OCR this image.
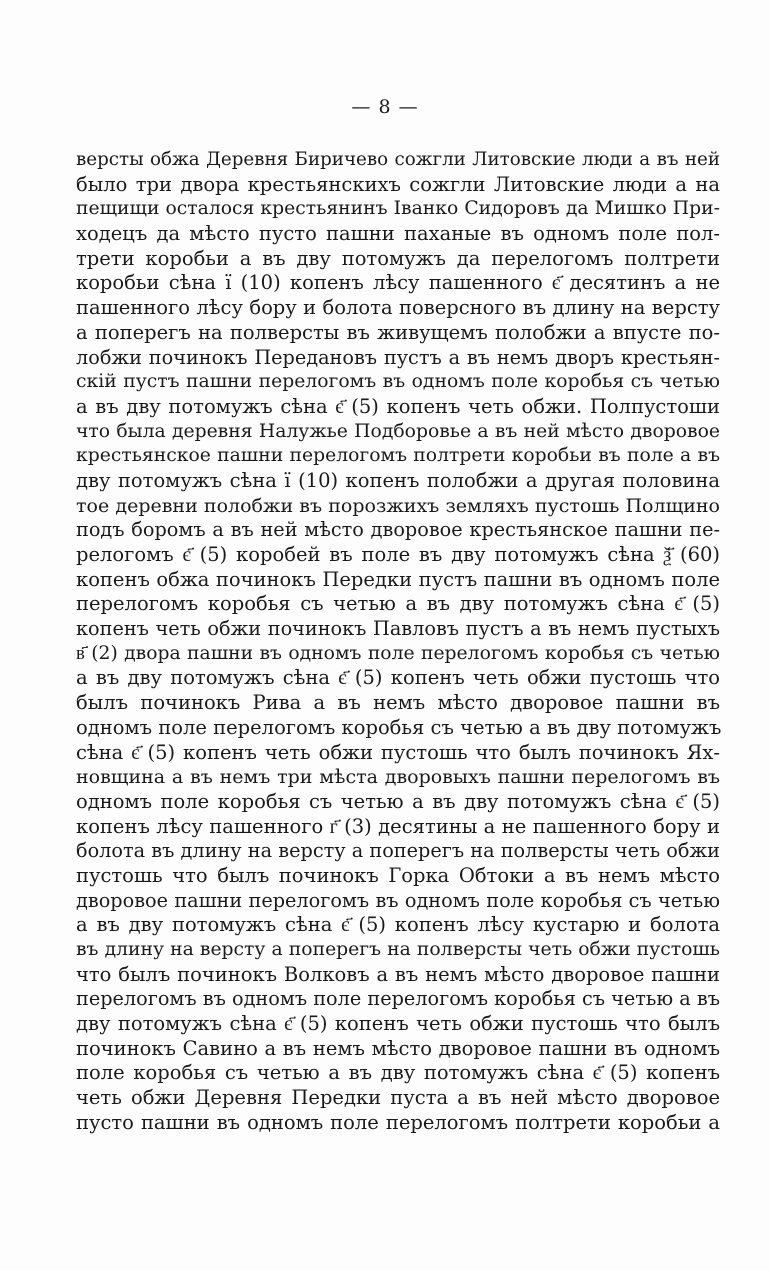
— 8 —
версты обжа Деревня Биричево сожгли Литовские люди а въ ней
было три двора крестьянскихъ сожгли Литовские люди а на
пещищи осталося крестьянинъ Іванко Сидоровъ да Мишко При-
ходецъ да мѣсто пусто пашни паханые въ одномъ поле пол-
трети коробьи а въ дву потомужъ да перелогомъ полтрети
коробьи сѣна ї (10) копенъ лѣсу пашенного є҃ десятинъ а не
пашенного лѣсу бору и болота поверсного въ длину на версту
а поперегъ на полверсты въ живущемъ полобжи а впусте по-
лобжи починокъ Передановъ пустъ а въ немъ дворъ крестьян-
скій пустъ пашни перелогомъ въ одномъ поле коробья съ четью
а въ дву потомужъ сѣна є҃ (5) копенъ четь обжи. Полпустоши
что была деревня Налужье Подборовье а въ ней мѣсто дворовое
крестьянское пашни перелогомъ полтрети коробьи въ поле а въ
дву потомужъ сѣна ї (10) копенъ полобжи а другая половина
тое деревни полобжи въ порозжихъ земляхъ пустошь Полщино
подъ боромъ а въ ней мѣсто дворовое крестьянское пашни пе-
релогомъ є҃ (5) коробей въ поле въ дву потомужъ сѣна ѯ҃ (60)
копенъ обжа починокъ Передки пустъ пашни въ одномъ поле
перелогомъ коробья съ четью а въ дву потомужъ сѣна є҃ (5)
копенъ четь обжи починокъ Павловъ пустъ а въ немъ пустыхъ
в҃ (2) двора пашни въ одномъ поле перелогомъ коробья съ четью
а въ дву потомужъ сѣна є҃ (5) копенъ четь обжи пустошь что
былъ починокъ Рива а въ немъ мѣсто дворовое пашни въ
одномъ поле перелогомъ коробья съ четью а въ дву потомужъ
сѣна є҃ (5) копенъ четь обжи пустошь что былъ починокъ Ях-
новщина а въ немъ три мѣста дворовыхъ пашни перелогомъ въ
одномъ поле коробья съ четью а въ дву потомужъ сѣна є҃ (5)
копенъ лѣсу пашенного г҃ (3) десятины а не пашенного бору и
болота въ длину на версту а поперегъ на полверсты четь обжи
пустошь что былъ починокъ Горка Обтоки а въ немъ мѣсто
дворовое пашни перелогомъ въ одномъ поле коробья съ четью
а въ дву потомужъ сѣна є҃ (5) копенъ лѣсу кустарю и болота
въ длину на версту а поперегъ на полверсты четь обжи пустошь
что былъ починокъ Волковъ а въ немъ мѣсто дворовое пашни
перелогомъ въ одномъ поле перелогомъ коробья съ четью а въ
дву потомужъ сѣна є҃ (5) копенъ четь обжи пустошь что былъ
починокъ Савино а въ немъ мѣсто дворовое пашни въ одномъ
поле коробья съ четью а въ дву потомужъ сѣна є҃ (5) копенъ
четь обжи Деревня Передки пуста а въ ней мѣсто дворовое
пусто пашни въ одномъ поле перелогомъ полтрети коробьи а
